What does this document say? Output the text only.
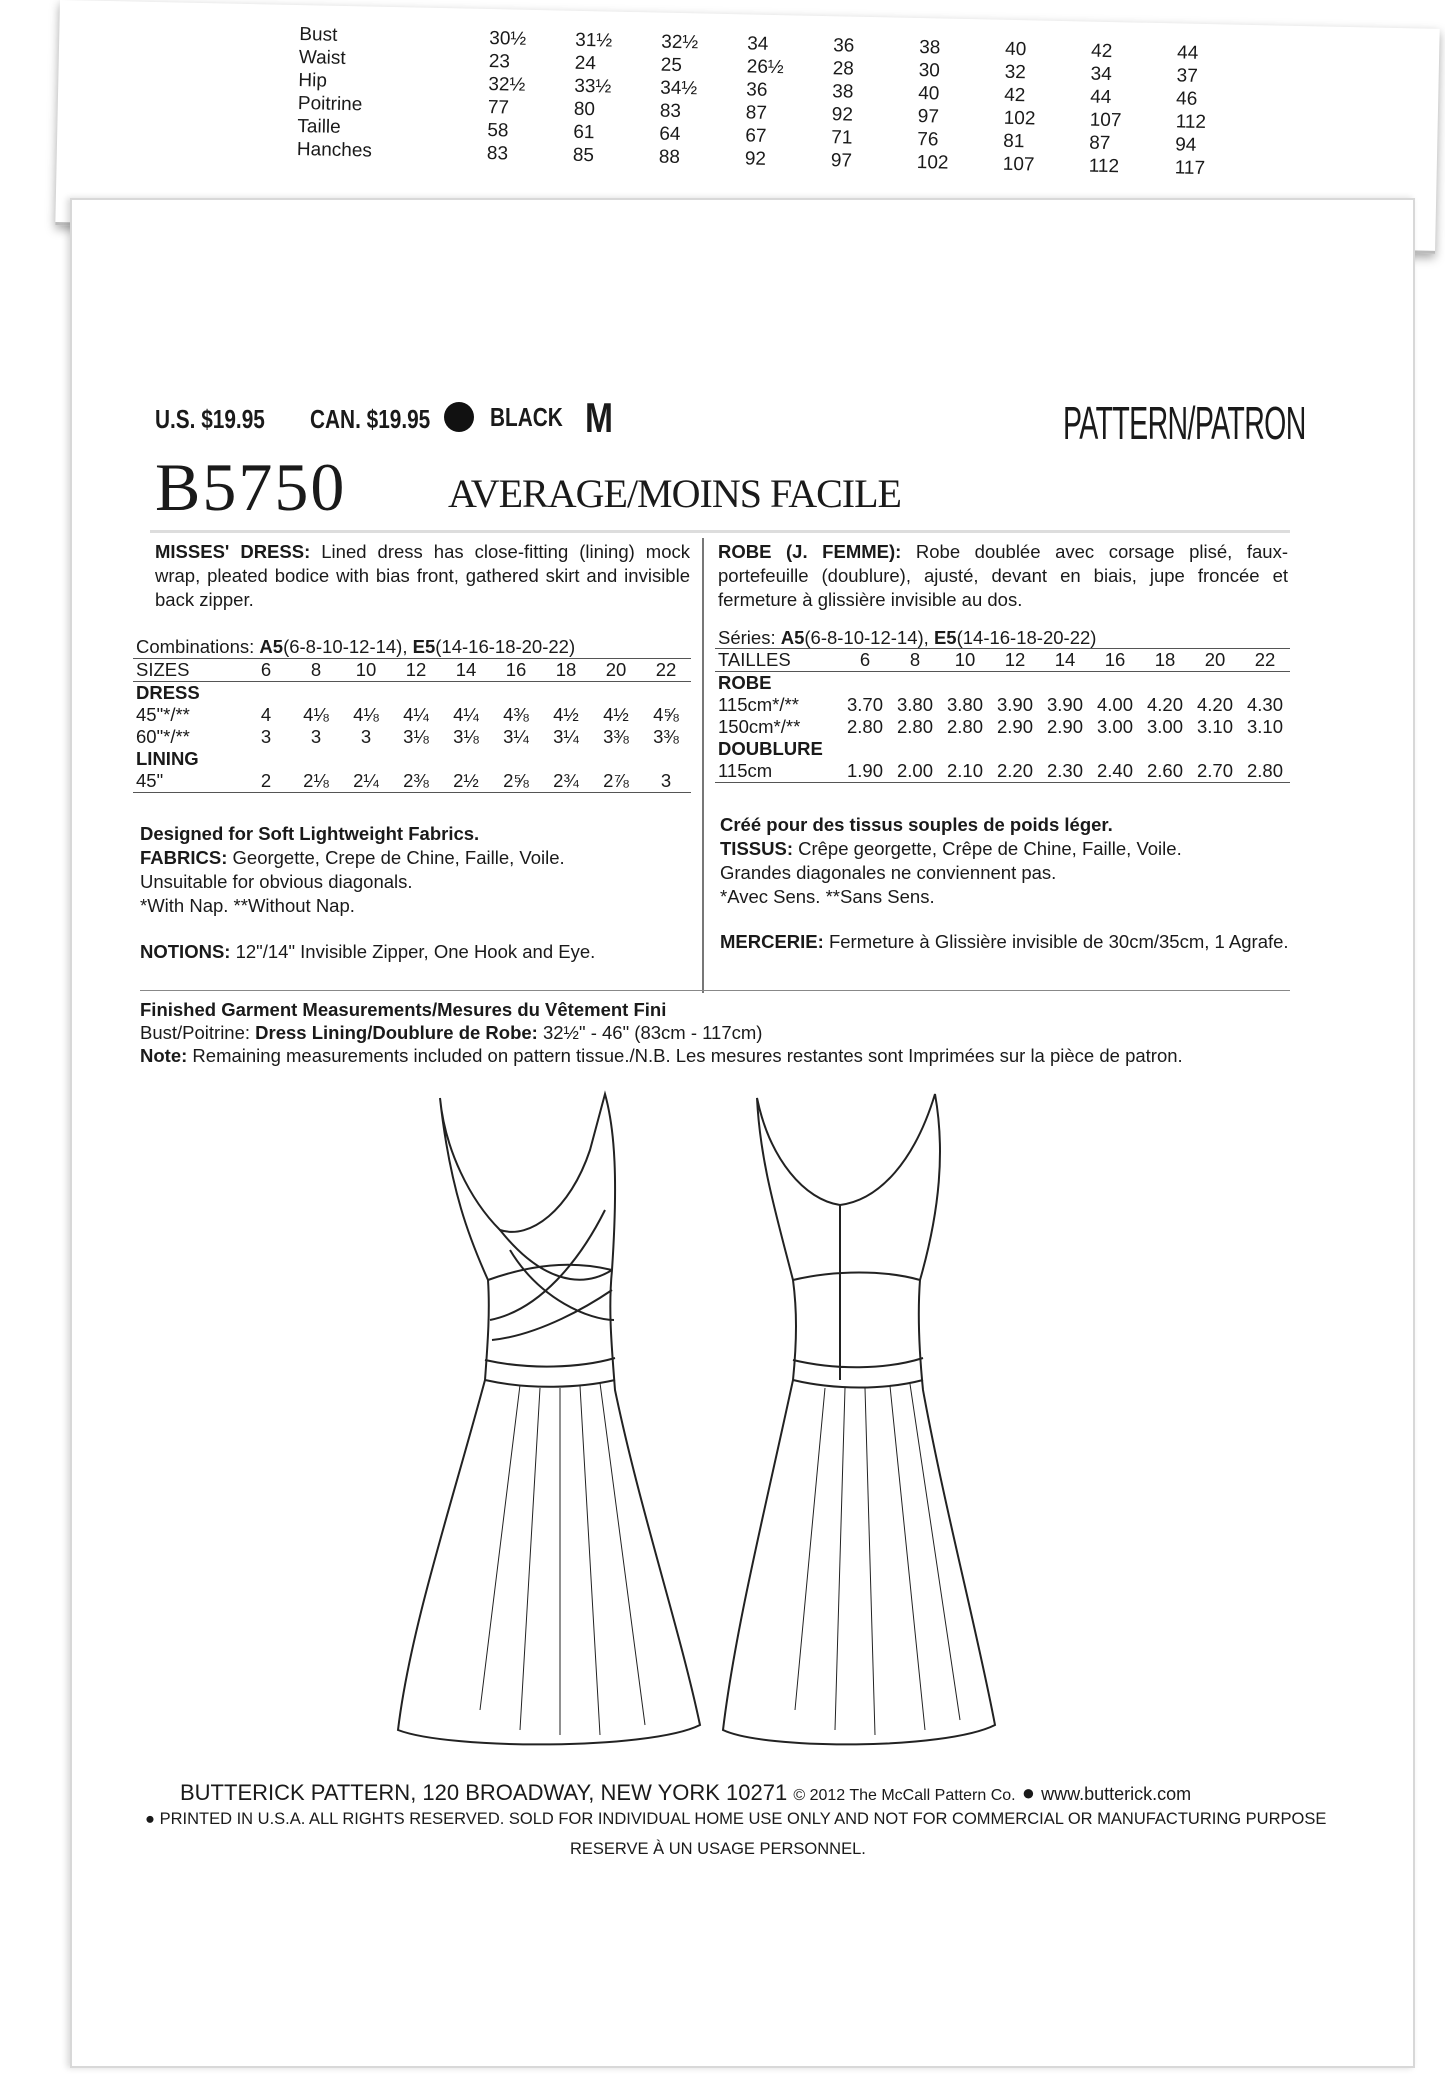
Bust	30½	31½	32½	34	36	38	40	42	44
Waist	23	24	25	26½	28	30	32	34	37
Hip	32½	33½	34½	36	38	40	42	44	46
Poitrine	77	80	83	87	92	97	102	107	112
Taille	58	61	64	67	71	76	81	87	94
Hanches	83	85	88	92	97	102	107	112	117
U.S. $19.95 CAN. $19.95 BLACK M	PATTERN/PATRON
B5750	AVERAGE/MOINS FACILE
MISSES' DRESS: Lined dress has close-fitting (lining) mock wrap, pleated bodice with bias front, gathered skirt and invisible back zipper.
Combinations: A5(6-8-10-12-14), E5(14-16-18-20-22)
SIZES	6	8	10	12	14	16	18	20	22
DRESS									
45"*/**	4	4⅛	4⅛	4¼	4¼	4⅜	4½	4½	4⅝
60"*/**	3	3	3	3⅛	3⅛	3¼	3¼	3⅜	3⅜
LINING									
45"	2	2⅛	2¼	2⅜	2½	2⅝	2¾	2⅞	3
Designed for Soft Lightweight Fabrics.
FABRICS: Georgette, Crepe de Chine, Faille, Voile.
Unsuitable for obvious diagonals.
*With Nap. **Without Nap.
NOTIONS: 12"/14" Invisible Zipper, One Hook and Eye.
ROBE (J. FEMME): Robe doublée avec corsage plisé, faux-portefeuille (doublure), ajusté, devant en biais, jupe froncée et fermeture à glissière invisible au dos.
Séries: A5(6-8-10-12-14), E5(14-16-18-20-22)
TAILLES	6	8	10	12	14	16	18	20	22
ROBE									
115cm*/**	3.70	3.80	3.80	3.90	3.90	4.00	4.20	4.20	4.30
150cm*/**	2.80	2.80	2.80	2.90	2.90	3.00	3.00	3.10	3.10
DOUBLURE									
115cm	1.90	2.00	2.10	2.20	2.30	2.40	2.60	2.70	2.80
Créé pour des tissus souples de poids léger.
TISSUS: Crêpe georgette, Crêpe de Chine, Faille, Voile.
Grandes diagonales ne conviennent pas.
*Avec Sens. **Sans Sens.
MERCERIE: Fermeture à Glissière invisible de 30cm/35cm, 1 Agrafe.
Finished Garment Measurements/Mesures du Vêtement Fini
Bust/Poitrine: Dress Lining/Doublure de Robe: 32½" - 46" (83cm - 117cm)
Note: Remaining measurements included on pattern tissue./N.B. Les mesures restantes sont Imprimées sur la pièce de patron.
BUTTERICK PATTERN, 120 BROADWAY, NEW YORK 10271 © 2012 The McCall Pattern Co. ● www.butterick.com
● PRINTED IN U.S.A. ALL RIGHTS RESERVED. SOLD FOR INDIVIDUAL HOME USE ONLY AND NOT FOR COMMERCIAL OR MANUFACTURING PURPOSE
RESERVE À UN USAGE PERSONNEL.
